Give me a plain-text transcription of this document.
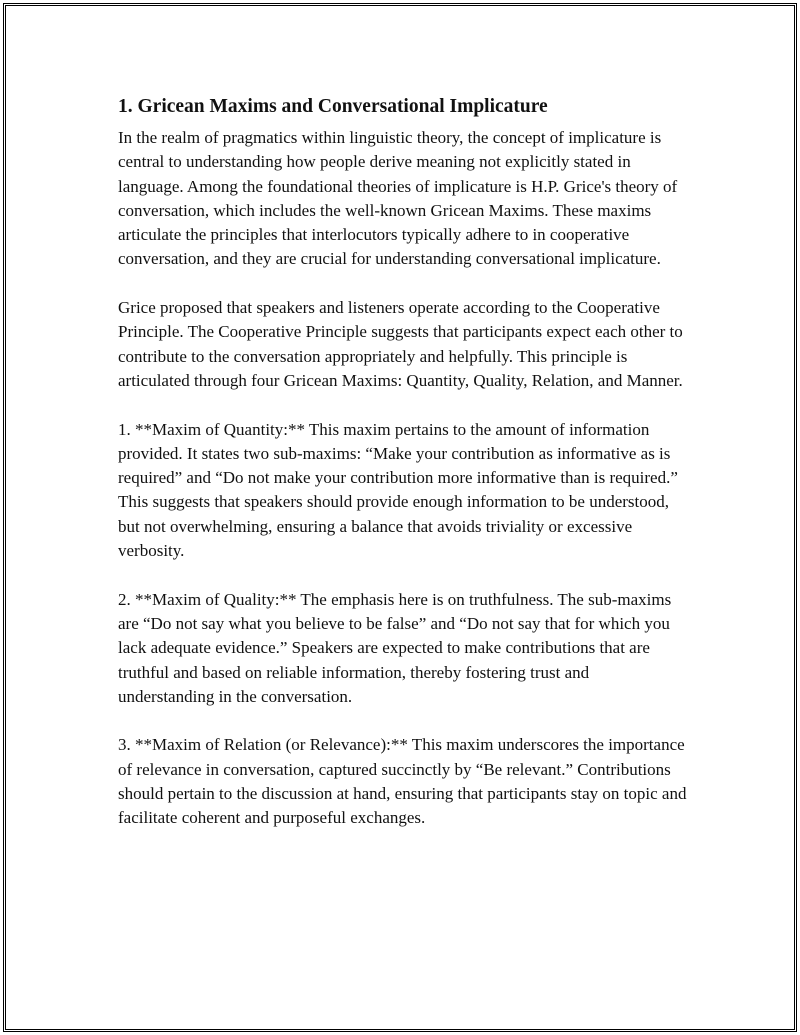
1. Gricean Maxims and Conversational Implicature

In the realm of pragmatics within linguistic theory, the concept of implicature is central to understanding how people derive meaning not explicitly stated in language. Among the foundational theories of implicature is H.P. Grice's theory of conversation, which includes the well-known Gricean Maxims. These maxims articulate the principles that interlocutors typically adhere to in cooperative conversation, and they are crucial for understanding conversational implicature.

Grice proposed that speakers and listeners operate according to the Cooperative Principle. The Cooperative Principle suggests that participants expect each other to contribute to the conversation appropriately and helpfully. This principle is articulated through four Gricean Maxims: Quantity, Quality, Relation, and Manner.

1. **Maxim of Quantity:** This maxim pertains to the amount of information provided. It states two sub-maxims: “Make your contribution as informative as is required” and “Do not make your contribution more informative than is required.” This suggests that speakers should provide enough information to be understood, but not overwhelming, ensuring a balance that avoids triviality or excessive verbosity.

2. **Maxim of Quality:** The emphasis here is on truthfulness. The sub-maxims are “Do not say what you believe to be false” and “Do not say that for which you lack adequate evidence.” Speakers are expected to make contributions that are truthful and based on reliable information, thereby fostering trust and understanding in the conversation.

3. **Maxim of Relation (or Relevance):** This maxim underscores the importance of relevance in conversation, captured succinctly by “Be relevant.” Contributions should pertain to the discussion at hand, ensuring that participants stay on topic and facilitate coherent and purposeful exchanges.
